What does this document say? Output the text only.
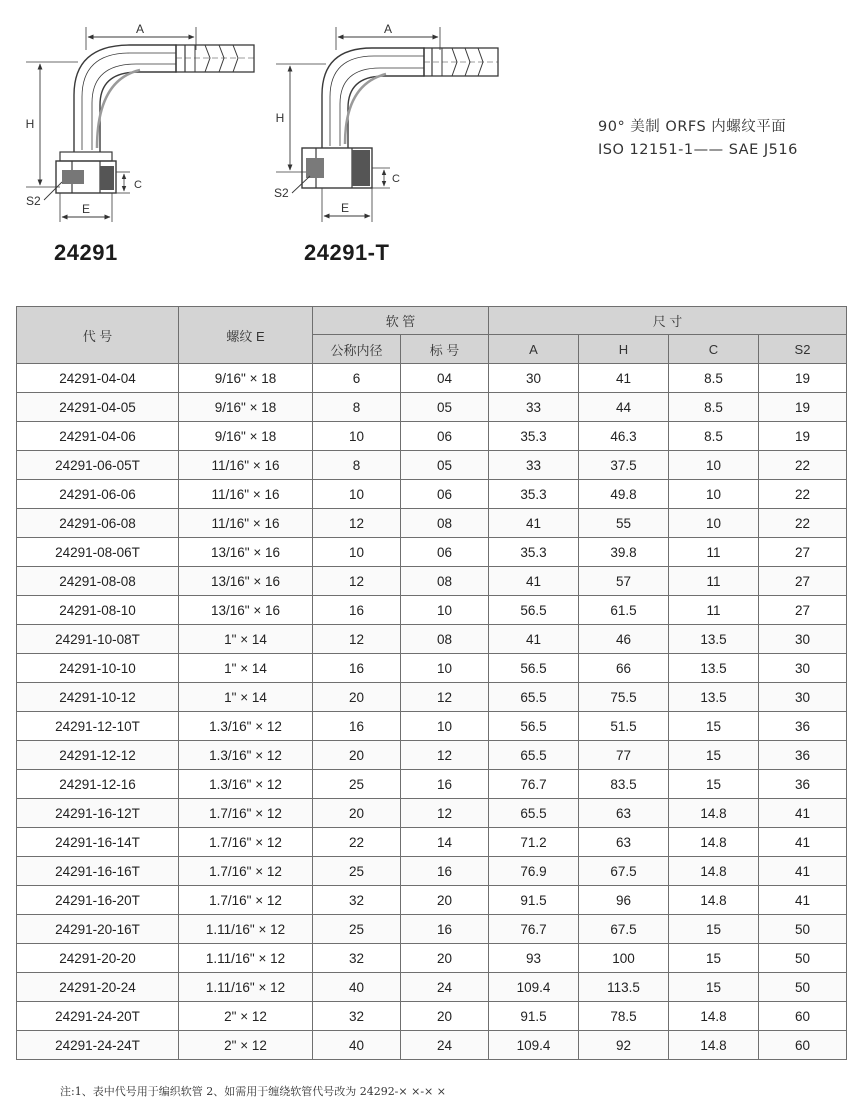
A
H
C
E
S2
A
H
C
E
S2
24291	24291-T
90° 美制 ORFS 内螺纹平面
ISO 12151-1—— SAE J516
代 号	螺纹 E	软 管		尺 寸			
		公称内径	标 号	A	H	C	S2
24291-04-04	9/16" × 18	6	04	30	41	8.5	19
24291-04-05	9/16" × 18	8	05	33	44	8.5	19
24291-04-06	9/16" × 18	10	06	35.3	46.3	8.5	19
24291-06-05T	11/16" × 16	8	05	33	37.5	10	22
24291-06-06	11/16" × 16	10	06	35.3	49.8	10	22
24291-06-08	11/16" × 16	12	08	41	55	10	22
24291-08-06T	13/16" × 16	10	06	35.3	39.8	11	27
24291-08-08	13/16" × 16	12	08	41	57	11	27
24291-08-10	13/16" × 16	16	10	56.5	61.5	11	27
24291-10-08T	1" × 14	12	08	41	46	13.5	30
24291-10-10	1" × 14	16	10	56.5	66	13.5	30
24291-10-12	1" × 14	20	12	65.5	75.5	13.5	30
24291-12-10T	1.3/16" × 12	16	10	56.5	51.5	15	36
24291-12-12	1.3/16" × 12	20	12	65.5	77	15	36
24291-12-16	1.3/16" × 12	25	16	76.7	83.5	15	36
24291-16-12T	1.7/16" × 12	20	12	65.5	63	14.8	41
24291-16-14T	1.7/16" × 12	22	14	71.2	63	14.8	41
24291-16-16T	1.7/16" × 12	25	16	76.9	67.5	14.8	41
24291-16-20T	1.7/16" × 12	32	20	91.5	96	14.8	41
24291-20-16T	1.11/16" × 12	25	16	76.7	67.5	15	50
24291-20-20	1.11/16" × 12	32	20	93	100	15	50
24291-20-24	1.11/16" × 12	40	24	109.4	113.5	15	50
24291-24-20T	2" × 12	32	20	91.5	78.5	14.8	60
24291-24-24T	2" × 12	40	24	109.4	92	14.8	60
注:1、表中代号用于编织软管 2、如需用于缠绕软管代号改为 24292-× ×-× ×
